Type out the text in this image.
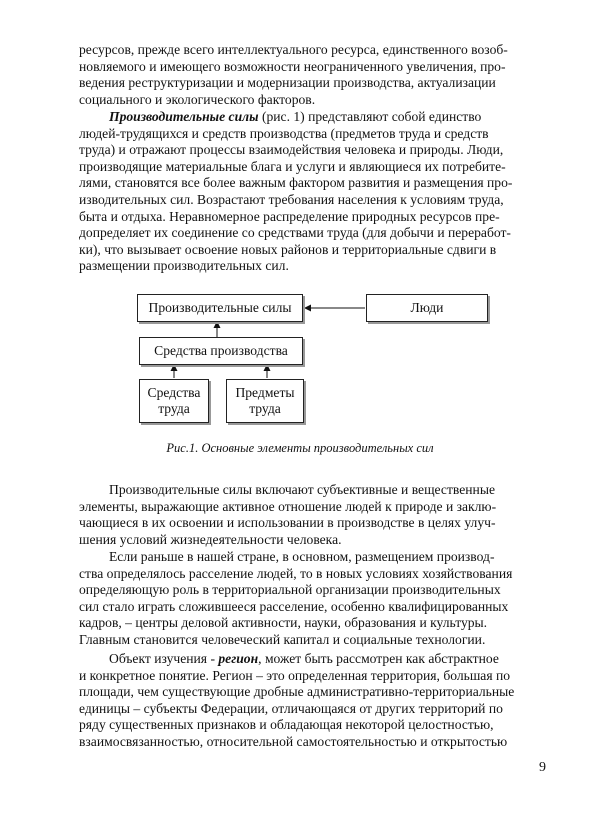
ресурсов, прежде всего интеллектуального ресурса, единственного возоб-
новляемого и имеющего возможности неограниченного увеличения, про-
ведения реструктуризации и модернизации производства, актуализации
социального и экологического факторов.
Производительные силы (рис. 1) представляют собой единство
людей-трудящихся и средств производства (предметов труда и средств
труда) и отражают процессы взаимодействия человека и природы. Люди,
производящие материальные блага и услуги и являющиеся их потребите-
лями, становятся все более важным фактором развития и размещения про-
изводительных сил. Возрастают требования населения к условиям труда,
быта и отдыха. Неравномерное распределение природных ресурсов пре-
допределяет их соединение со средствами труда (для добычи и переработ-
ки), что вызывает освоение новых районов и территориальные сдвиги в
размещении производительных сил.
Производительные силы	Люди
Средства производства
Средства
труда
Предметы
труда
Рис.1. Основные элементы производительных сил
Производительные силы включают субъективные и вещественные
элементы, выражающие активное отношение людей к природе и заклю-
чающиеся в их освоении и использовании в производстве в целях улуч-
шения условий жизнедеятельности человека.
Если раньше в нашей стране, в основном, размещением производ-
ства определялось расселение людей, то в новых условиях хозяйствования
определяющую роль в территориальной организации производительных
сил стало играть сложившееся расселение, особенно квалифицированных
кадров, – центры деловой активности, науки, образования и культуры.
Главным становится человеческий капитал и социальные технологии.
Объект изучения - регион, может быть рассмотрен как абстрактное
и конкретное понятие. Регион – это определенная территория, большая по
площади, чем существующие дробные административно-территориальные
единицы – субъекты Федерации, отличающаяся от других территорий по
ряду существенных признаков и обладающая некоторой целостностью,
взаимосвязанностью, относительной самостоятельностью и открытостью
9
